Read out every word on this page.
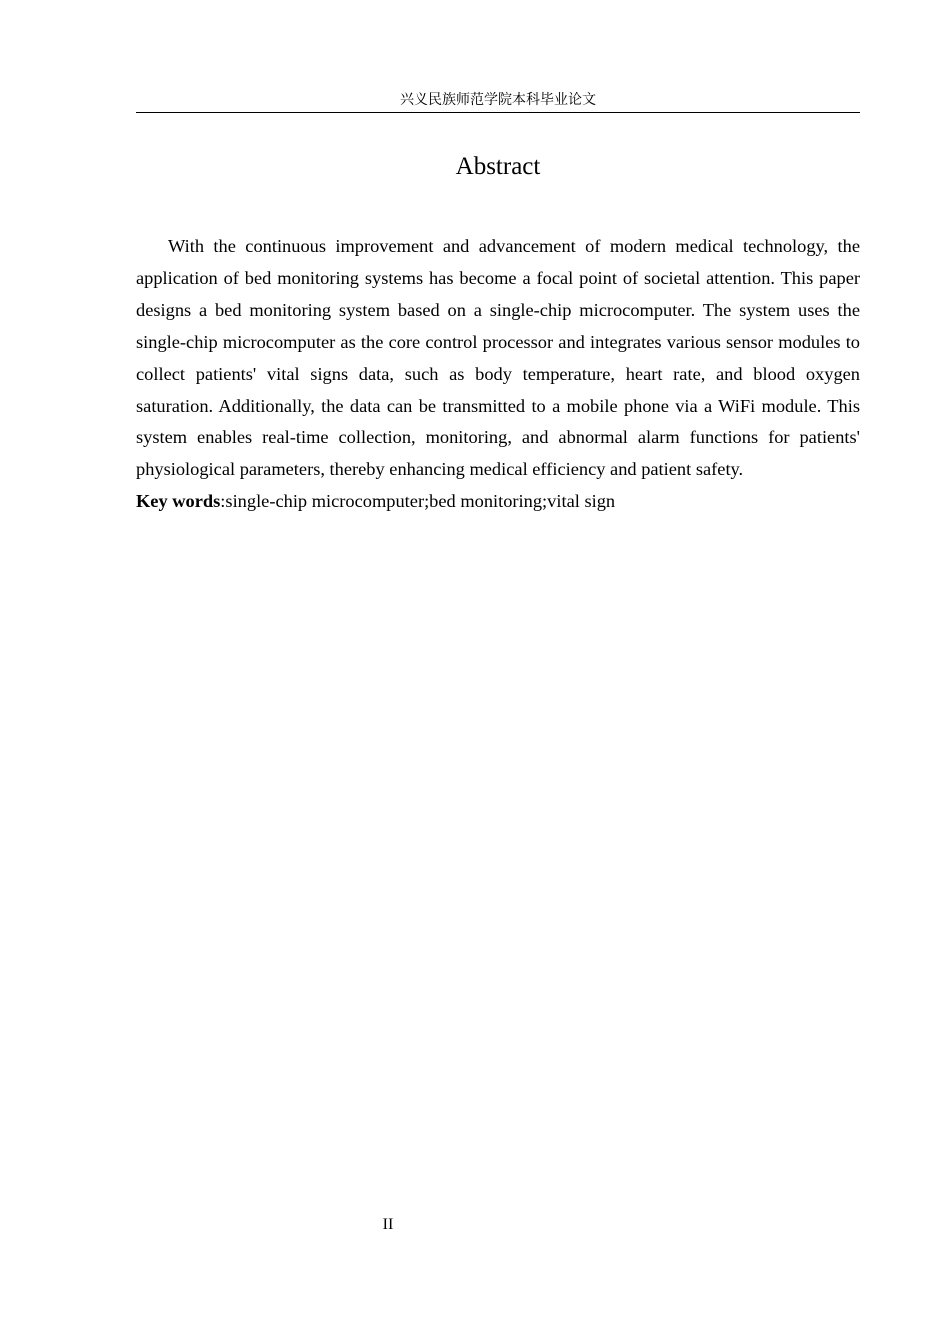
兴义民族师范学院本科毕业论文
Abstract

With the continuous improvement and advancement of modern medical technology, the application of bed monitoring systems has become a focal point of societal attention. This paper designs a bed monitoring system based on a single-chip microcomputer. The system uses the single-chip microcomputer as the core control processor and integrates various sensor modules to collect patients' vital signs data, such as body temperature, heart rate, and blood oxygen saturation. Additionally, the data can be transmitted to a mobile phone via a WiFi module. This system enables real-time collection, monitoring, and abnormal alarm functions for patients' physiological parameters, thereby enhancing medical efficiency and patient safety.

Key words:single-chip microcomputer;bed monitoring;vital sign

II
